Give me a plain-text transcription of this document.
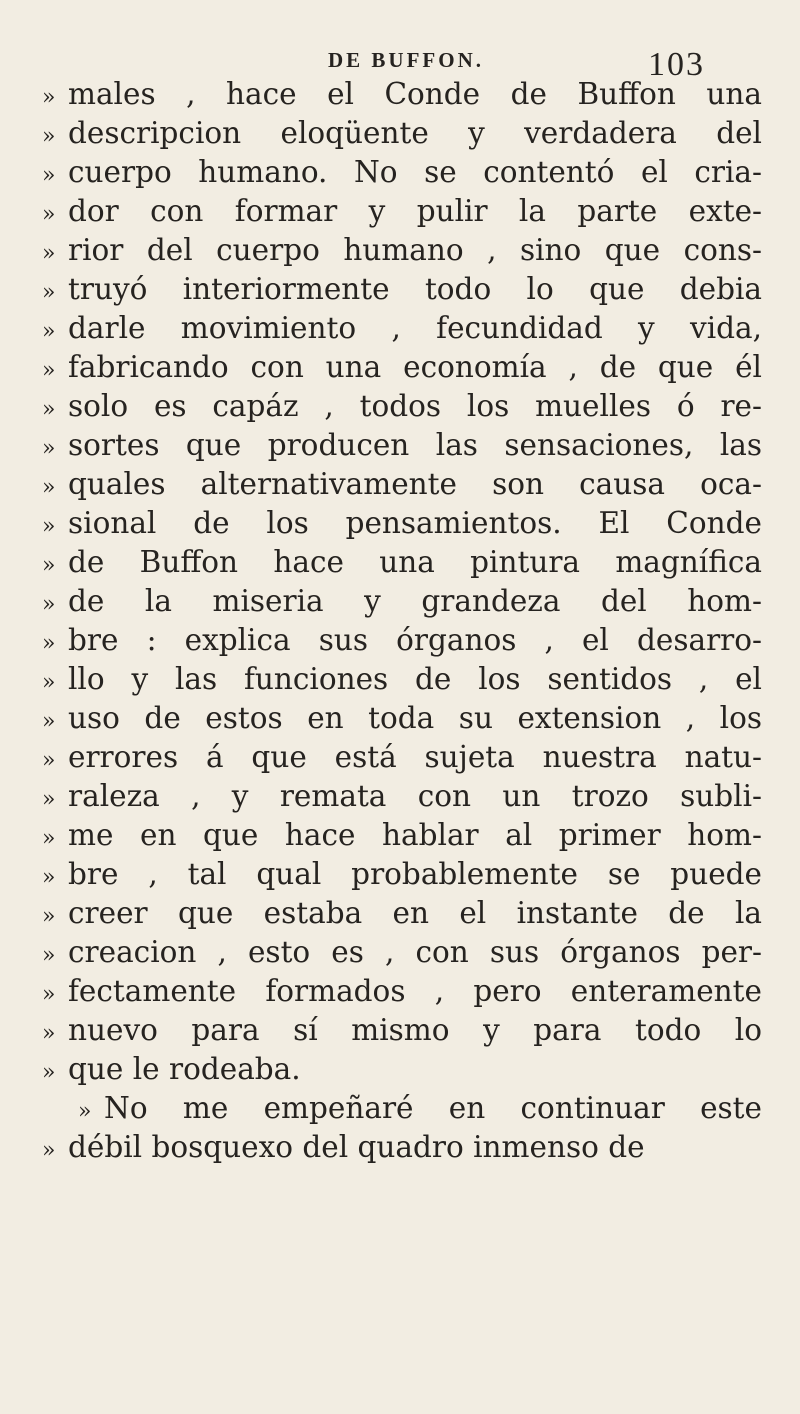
DE BUFFON.	103
» males , hace el Conde de Buffon una
» descripcion eloqüente y verdadera del
» cuerpo humano. No se contentó el cria-
» dor con formar y pulir la parte exte-
» rior del cuerpo humano , sino que cons-
» truyó interiormente todo lo que debia
» darle movimiento , fecundidad y vida,
» fabricando con una economía , de que él
» solo es capáz , todos los muelles ó re-
» sortes que producen las sensaciones, las
» quales alternativamente son causa oca-
» sional de los pensamientos. El Conde
» de Buffon hace una pintura magnífica
» de la miseria y grandeza del hom-
» bre : explica sus órganos , el desarro-
» llo y las funciones de los sentidos , el
» uso de estos en toda su extension , los
» errores á que está sujeta nuestra natu-
» raleza , y remata con un trozo subli-
» me en que hace hablar al primer hom-
» bre , tal qual probablemente se puede
» creer que estaba en el instante de la
» creacion , esto es , con sus órganos per-
» fectamente formados , pero enteramente
» nuevo para sí mismo y para todo lo
» que le rodeaba.
» No me empeñaré en continuar este
» débil bosquexo del quadro inmenso de
